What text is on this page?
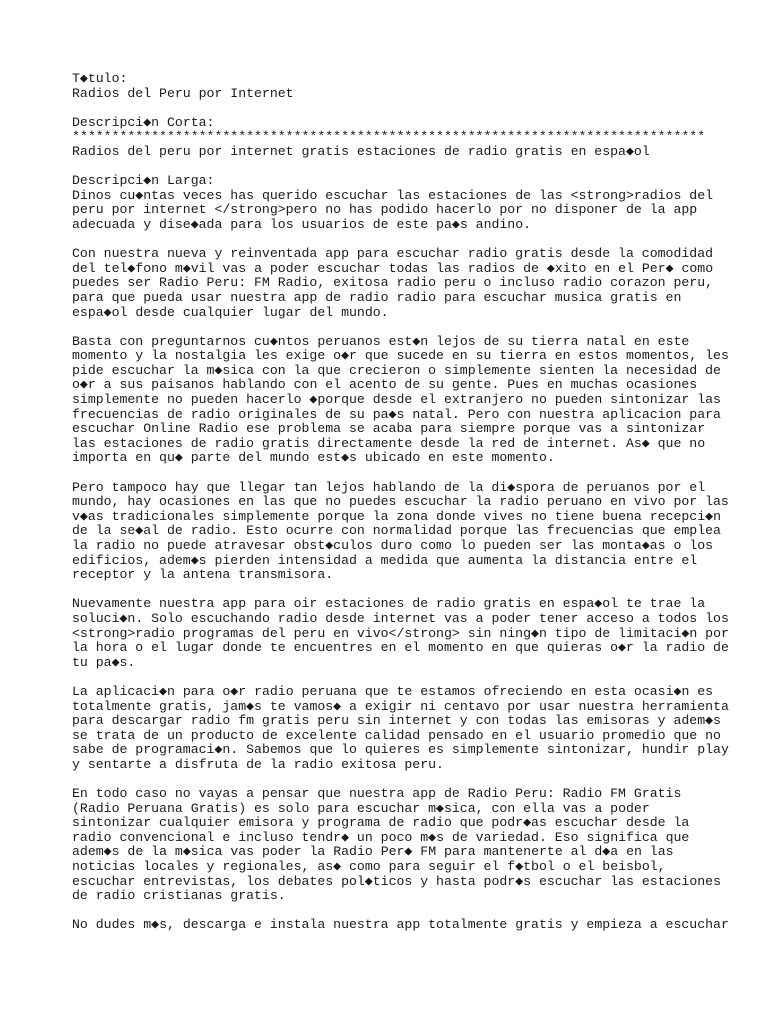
T◆tulo:
Radios del Peru por Internet
Descripci◆n Corta:
********************************************************************************
Radios del peru por internet gratis estaciones de radio gratis en espa◆ol
Descripci◆n Larga:
Dinos cu◆ntas veces has querido escuchar las estaciones de las <strong>radios del
peru por internet </strong>pero no has podido hacerlo por no disponer de la app
adecuada y dise◆ada para los usuarios de este pa◆s andino.
Con nuestra nueva y reinventada app para escuchar radio gratis desde la comodidad
del tel◆fono m◆vil vas a poder escuchar todas las radios de ◆xito en el Per◆ como
puedes ser Radio Peru: FM Radio, exitosa radio peru o incluso radio corazon peru,
para que pueda usar nuestra app de radio radio para escuchar musica gratis en
espa◆ol desde cualquier lugar del mundo.
Basta con preguntarnos cu◆ntos peruanos est◆n lejos de su tierra natal en este
momento y la nostalgia les exige o◆r que sucede en su tierra en estos momentos, les
pide escuchar la m◆sica con la que crecieron o simplemente sienten la necesidad de
o◆r a sus paisanos hablando con el acento de su gente. Pues en muchas ocasiones
simplemente no pueden hacerlo ◆porque desde el extranjero no pueden sintonizar las
frecuencias de radio originales de su pa◆s natal. Pero con nuestra aplicacion para
escuchar Online Radio ese problema se acaba para siempre porque vas a sintonizar
las estaciones de radio gratis directamente desde la red de internet. As◆ que no
importa en qu◆ parte del mundo est◆s ubicado en este momento.
Pero tampoco hay que llegar tan lejos hablando de la di◆spora de peruanos por el
mundo, hay ocasiones en las que no puedes escuchar la radio peruano en vivo por las
v◆as tradicionales simplemente porque la zona donde vives no tiene buena recepci◆n
de la se◆al de radio. Esto ocurre con normalidad porque las frecuencias que emplea
la radio no puede atravesar obst◆culos duro como lo pueden ser las monta◆as o los
edificios, adem◆s pierden intensidad a medida que aumenta la distancia entre el
receptor y la antena transmisora.
Nuevamente nuestra app para oir estaciones de radio gratis en espa◆ol te trae la
soluci◆n. Solo escuchando radio desde internet vas a poder tener acceso a todos los
<strong>radio programas del peru en vivo</strong> sin ning◆n tipo de limitaci◆n por
la hora o el lugar donde te encuentres en el momento en que quieras o◆r la radio de
tu pa◆s.
La aplicaci◆n para o◆r radio peruana que te estamos ofreciendo en esta ocasi◆n es
totalmente gratis, jam◆s te vamos◆ a exigir ni centavo por usar nuestra herramienta
para descargar radio fm gratis peru sin internet y con todas las emisoras y adem◆s
se trata de un producto de excelente calidad pensado en el usuario promedio que no
sabe de programaci◆n. Sabemos que lo quieres es simplemente sintonizar, hundir play
y sentarte a disfruta de la radio exitosa peru.
En todo caso no vayas a pensar que nuestra app de Radio Peru: Radio FM Gratis
(Radio Peruana Gratis) es solo para escuchar m◆sica, con ella vas a poder
sintonizar cualquier emisora y programa de radio que podr◆as escuchar desde la
radio convencional e incluso tendr◆ un poco m◆s de variedad. Eso significa que
adem◆s de la m◆sica vas poder la Radio Per◆ FM para mantenerte al d◆a en las
noticias locales y regionales, as◆ como para seguir el f◆tbol o el beisbol,
escuchar entrevistas, los debates pol◆ticos y hasta podr◆s escuchar las estaciones
de radio cristianas gratis.
No dudes m◆s, descarga e instala nuestra app totalmente gratis y empieza a escuchar
